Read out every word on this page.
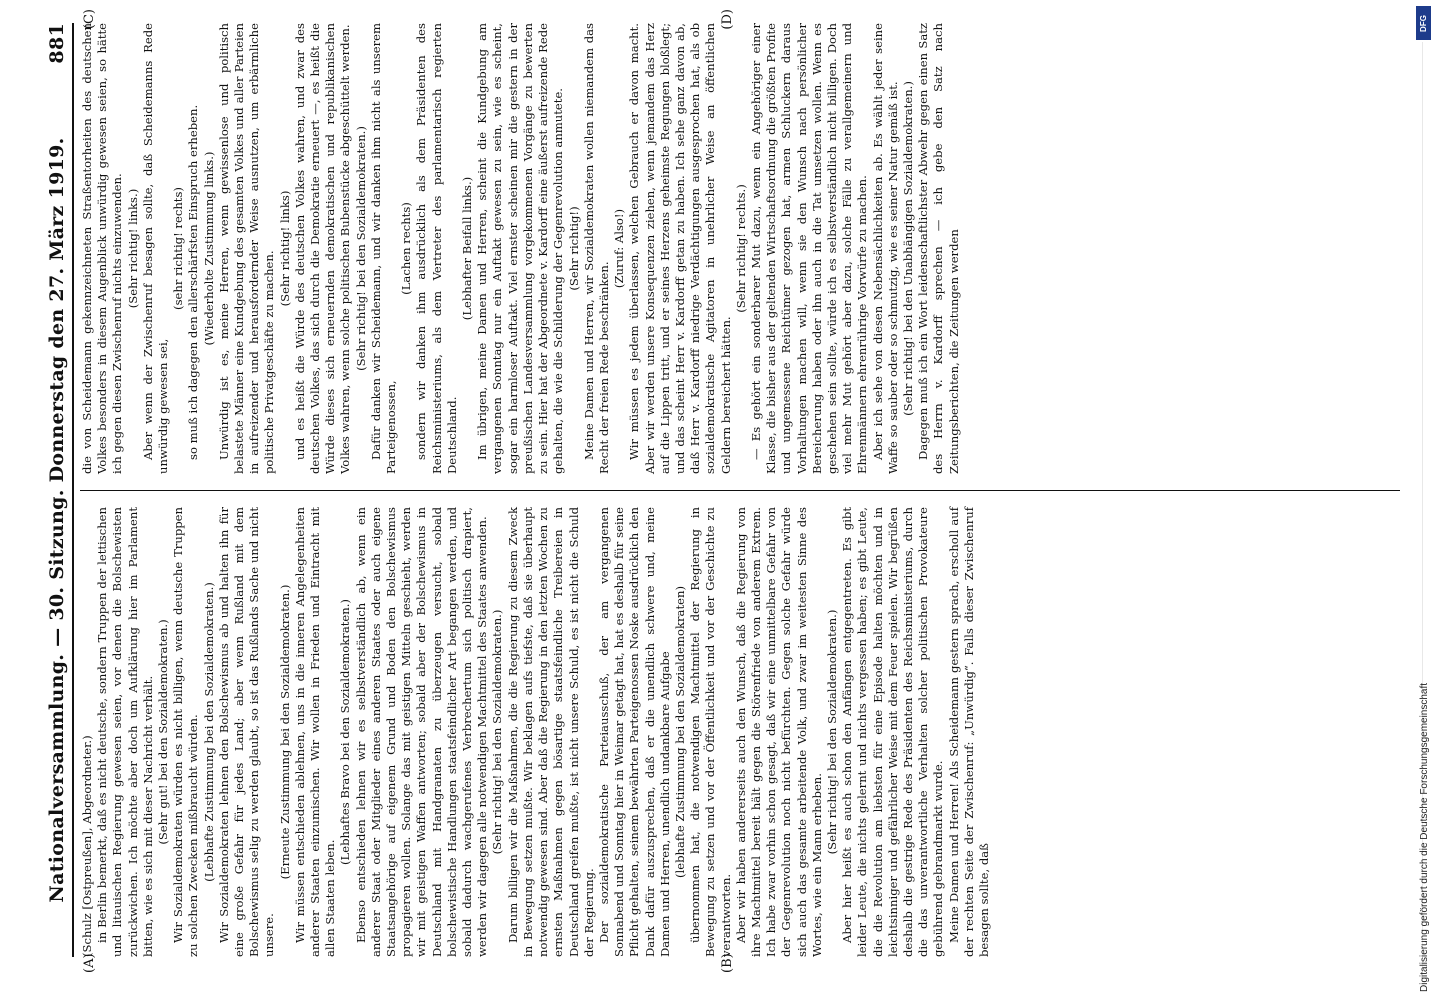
Nationalversammlung. — 30. Sitzung. Donnerstag den 27. März 1919.
881

(Schulz [Ostpreußen], Abgeordneter.) in Berlin bemerkt, daß es nicht deutsche, sondern Truppen der lettischen und litauischen Regierung gewesen seien, vor denen die Bolschewisten zurückwichen. Ich möchte aber doch um Aufklärung hier im Parlament bitten, wie es sich mit dieser Nachricht verhält. (Sehr gut! bei den Sozialdemokraten.) Wir Sozialdemokraten würden es nicht billigen, wenn deutsche Truppen zu solchen Zwecken mißbraucht würden. (Lebhafte Zustimmung bei den Sozialdemokraten.) Wir Sozialdemokraten lehnen den Bolschewismus ab und halten ihn für eine große Gefahr für jedes Land; aber wenn Rußland mit dem Bolschewismus selig zu werden glaubt, so ist das Rußlands Sache und nicht unsere.

(Erneute Zustimmung bei den Sozialdemokraten.) Wir müssen entschieden ablehnen, uns in die inneren Angelegenheiten anderer Staaten einzumischen. Wir wollen in Frieden und Eintracht mit allen Staaten leben.

(Lebhaftes Bravo bei den Sozialdemokraten.) Ebenso entschieden lehnen wir es selbstverständlich ab, wenn ein anderer Staat oder Mitglieder eines anderen Staates oder auch eigene Staatsangehörige auf eigenem Grund und Boden den Bolschewismus propagieren wollen. Solange das mit geistigen Mitteln geschieht, werden wir mit geistigen Waffen antworten; sobald aber der Bolschewismus in Deutschland mit Handgranaten zu überzeugen versucht, sobald bolschewistische Handlungen staatsfeindlicher Art begangen werden, und sobald dadurch wachgerufenes Verbrechertum sich politisch drapiert, werden wir dagegen alle notwendigen Machtmittel des Staates anwenden. (Sehr richtig! bei den Sozialdemokraten.) Darum billigen wir die Maßnahmen, die die Regierung zu diesem Zweck in Bewegung setzen mußte. Wir beklagen aufs tiefste, daß sie überhaupt notwendig gewesen sind. Aber daß die Regierung in den letzten Wochen zu ernsten Maßnahmen gegen bösartige staatsfeindliche Treibereien in Deutschland greifen mußte, ist nicht unsere Schuld, es ist nicht die Schuld der Regierung. Der sozialdemokratische Parteiausschuß, der am vergangenen Sonnabend und Sonntag hier in Weimar getagt hat, hat es deshalb für seine Pflicht gehalten, seinem bewährten Parteigenossen Noske ausdrücklich den Dank dafür auszusprechen, daß er die unendlich schwere und, meine Damen und Herren, unendlich undankbare Aufgabe (lebhafte Zustimmung bei den Sozialdemokraten) übernommen hat, die notwendigen Machtmittel der Regierung in Bewegung zu setzen und vor der Öffentlichkeit und vor der Geschichte zu verantworten. Aber wir haben andererseits auch den Wunsch, daß die Regierung von ihre Machtmittel bereit hält gegen die Störenfriede von anderem Extrem. Ich habe zwar vorhin schon gesagt, daß wir eine unmittelbare Gefahr von der Gegenrevolution noch nicht befürchten. Gegen solche Gefahr würde sich auch das gesamte arbeitende Volk, und zwar im weitesten Sinne des Wortes, wie ein Mann erheben.

(Sehr richtig! bei den Sozialdemokraten.) Aber hier heißt es auch schon den Anfängen entgegentreten. Es gibt leider Leute, die nichts gelernt und nichts vergessen haben; es gibt Leute, die die Revolution am liebsten für eine Episode halten möchten und in leichtsinniger und gefährlicher Weise mit dem Feuer spielen. Wir begrüßen deshalb die gestrige Rede des Präsidenten des Reichsministeriums, durch die das unverantwortliche Verhalten solcher politischen Provokateure gebührend gebrandmarkt wurde. Meine Damen und Herren! Als Scheidemann gestern sprach, erscholl auf der rechten Seite der Zwischenruf: „Unwürdig“. Falls dieser Zwischenruf besagen sollte, daß

die von Scheidemann gekennzeichneten Straßentorheiten des deutschen Volkes besonders in diesem Augenblick unwürdig gewesen seien, so hätte ich gegen diesen Zwischenruf nichts einzuwenden. (Sehr richtig! links.) Aber wenn der Zwischenruf besagen sollte, daß Scheidemanns Rede unwürdig gewesen sei,

(sehr richtig! rechts) so muß ich dagegen den allerschärfsten Einspruch erheben. (Wiederholte Zustimmung links.) Unwürdig ist es, meine Herren, wenn gewissenlose und politisch belastete Männer eine Kundgebung des gesamten Volkes und aller Parteien in aufreizender und herausfordernder Weise ausnutzen, um erbärmliche politische Privatgeschäfte zu machen.

(Sehr richtig! links) und es heißt die Würde des deutschen Volkes wahren, und zwar des deutschen Volkes, das sich durch die Demokratie erneuert —, es heißt die Würde dieses sich erneuernden demokratischen und republikanischen Volkes wahren, wenn solche politischen Bubenstücke abgeschüttelt werden. (Sehr richtig! bei den Sozialdemokraten.) Dafür danken wir Scheidemann, und wir danken ihm nicht als unserem Parteigenossen,

(Lachen rechts) sondern wir danken ihm ausdrücklich als dem Präsidenten des Reichsministeriums, als dem Vertreter des parlamentarisch regierten Deutschland.

(Lebhafter Beifall links.) Im übrigen, meine Damen und Herren, scheint die Kundgebung am vergangenen Sonntag nur ein Auftakt gewesen zu sein, wie es scheint, sogar ein harmloser Auftakt. Viel ernster scheinen mir die gestern in der preußischen Landesversammlung vorgekommenen Vorgänge zu bewerten zu sein. Hier hat der Abgeordnete v. Kardorff eine äußerst aufreizende Rede gehalten, die wie die Schilderung der Gegenrevolution anmutete. (Sehr richtig!) Meine Damen und Herren, wir Sozialdemokraten wollen niemandem das Recht der freien Rede beschränken.

(Zuruf: Also!) Wir müssen es jedem überlassen, welchen Gebrauch er davon macht. Aber wir werden unsere Konsequenzen ziehen, wenn jemandem das Herz auf die Lippen tritt, und er seines Herzens geheimste Regungen bloßlegt; und das scheint Herr v. Kardorff getan zu haben. Ich sehe ganz davon ab, daß Herr v. Kardorff niedrige Verdächtigungen ausgesprochen hat, als ob sozialdemokratische Agitatoren in unehrlicher Weise an öffentlichen Geldern bereichert hätten.

(Sehr richtig! rechts.) — Es gehört ein sonderbarer Mut dazu, wenn ein Angehöriger einer Klasse, die bisher aus der geltenden Wirtschaftsordnung die größten Profite und ungemessene Reichtümer gezogen hat, armen Schluckern daraus Vorhaltungen machen will, wenn sie den Wunsch nach persönlicher Bereicherung haben oder ihn auch in die Tat umsetzen wollen. Wenn es geschehen sein sollte, würde ich es selbstverständlich nicht billigen. Doch viel mehr Mut gehört aber dazu, solche Fälle zu verallgemeinern und Ehrenmännern ehrenrührige Vorwürfe zu machen. Aber ich sehe von diesen Nebensächlichkeiten ab. Es wählt jeder seine Waffe so sauber oder so schmutzig, wie es seiner Natur gemäß ist. (Sehr richtig! bei den Unabhängigen Sozialdemokraten.) Dagegen muß ich ein Wort leidenschaftlichster Abwehr gegen einen Satz des Herrn v. Kardorff sprechen — ich gebe den Satz nach Zeitungsberichten, die Zeitungen werden

(A)	(B)
(C)	(D)	DFG
Digitalisierung gefördert durch die Deutsche Forschungsgemeinschaft
